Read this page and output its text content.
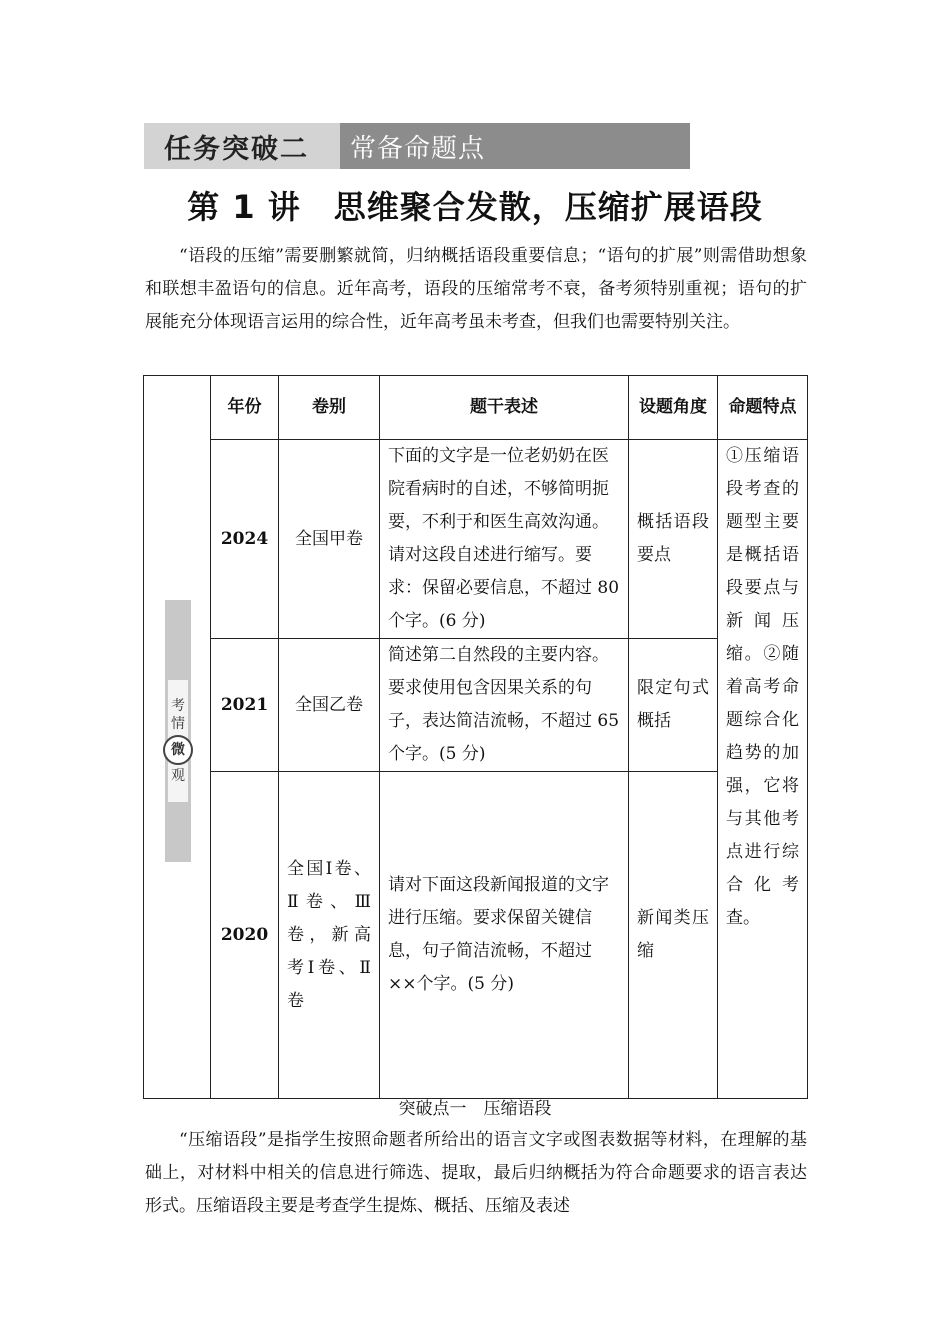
任务突破二	常备命题点
第 1 讲　思维聚合发散，压缩扩展语段
“语段的压缩”需要删繁就简，归纳概括语段重要信息；“语句的扩展”则需借助想象和联想丰盈语句的信息。近年高考，语段的压缩常考不衰，备考须特别重视；语句的扩展能充分体现语言运用的综合性，近年高考虽未考查，但我们也需要特别关注。
考
情
微
观	年份	卷别	题干表述	设题角度	命题特点
	2024	全国甲卷	下面的文字是一位老奶奶在医院看病时的自述，不够简明扼要，不利于和医生高效沟通。请对这段自述进行缩写。要求：保留必要信息，不超过 80 个字。(6 分)	概括语段要点	①压缩语段考查的题型主要是概括语段要点与新闻压缩。②随着高考命题综合化趋势的加强，它将与其他考点进行综合化考查。
	2021	全国乙卷	简述第二自然段的主要内容。要求使用包含因果关系的句子，表达简洁流畅，不超过 65 个字。(5 分)	限定句式概括	
	2020	全国Ⅰ卷、Ⅱ卷、Ⅲ卷，新高考Ⅰ卷、Ⅱ卷	请对下面这段新闻报道的文字进行压缩。要求保留关键信息，句子简洁流畅，不超过××个字。(5 分)	新闻类压缩	
突破点一　压缩语段
“压缩语段”是指学生按照命题者所给出的语言文字或图表数据等材料，在理解的基础上，对材料中相关的信息进行筛选、提取，最后归纳概括为符合命题要求的语言表达形式。压缩语段主要是考查学生提炼、概括、压缩及表述
